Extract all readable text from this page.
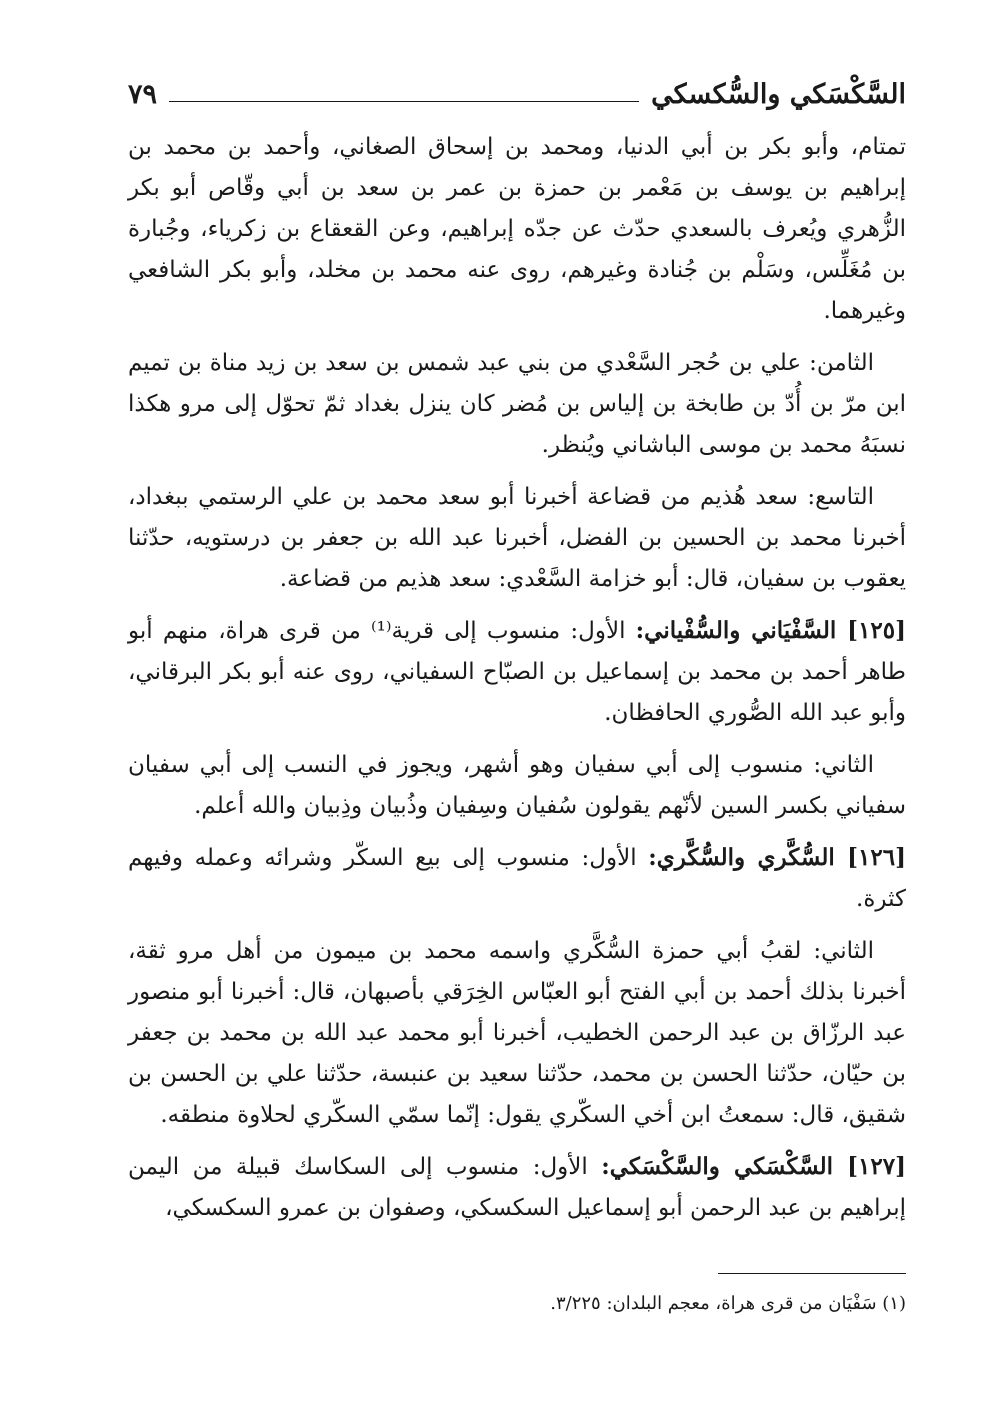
السَّكْسَكي والسُّكسكي
٧٩

تمتام، وأبو بكر بن أبي الدنيا، ومحمد بن إسحاق الصغاني، وأحمد بن محمد بن إبراهيم بن يوسف بن مَعْمر بن حمزة بن عمر بن سعد بن أبي وقّاص أبو بكر الزُّهري ويُعرف بالسعدي حدّث عن جدّه إبراهيم، وعن القعقاع بن زكرياء، وجُبارة بن مُغَلِّس، وسَلْم بن جُنادة وغيرهم، روى عنه محمد بن مخلد، وأبو بكر الشافعي وغيرهما.

الثامن: علي بن حُجر السَّعْدي من بني عبد شمس بن سعد بن زيد مناة بن تميم ابن مرّ بن أُدّ بن طابخة بن إلياس بن مُضر كان ينزل بغداد ثمّ تحوّل إلى مرو هكذا نسبَهُ محمد بن موسى الباشاني ويُنظر.

التاسع: سعد هُذيم من قضاعة أخبرنا أبو سعد محمد بن علي الرستمي ببغداد، أخبرنا محمد بن الحسين بن الفضل، أخبرنا عبد الله بن جعفر بن درستويه، حدّثنا يعقوب بن سفيان، قال: أبو خزامة السَّعْدي: سعد هذيم من قضاعة.

[١٢٥] السَّفْيَاني والسُّفْياني: الأول: منسوب إلى قرية⁽¹⁾ من قرى هراة، منهم أبو طاهر أحمد بن محمد بن إسماعيل بن الصبّاح السفياني، روى عنه أبو بكر البرقاني، وأبو عبد الله الصُّوري الحافظان.

الثاني: منسوب إلى أبي سفيان وهو أشهر، ويجوز في النسب إلى أبي سفيان سفياني بكسر السين لأنّهم يقولون سُفيان وسِفيان وذُبيان وذِبيان والله أعلم.

[١٢٦] السُّكَّري والسُّكَّري: الأول: منسوب إلى بيع السكّر وشرائه وعمله وفيهم كثرة.

الثاني: لقبُ أبي حمزة السُّكَّري واسمه محمد بن ميمون من أهل مرو ثقة، أخبرنا بذلك أحمد بن أبي الفتح أبو العبّاس الخِرَقي بأصبهان، قال: أخبرنا أبو منصور عبد الرزّاق بن عبد الرحمن الخطيب، أخبرنا أبو محمد عبد الله بن محمد بن جعفر بن حيّان، حدّثنا الحسن بن محمد، حدّثنا سعيد بن عنبسة، حدّثنا علي بن الحسن بن شقيق، قال: سمعتُ ابن أخي السكّري يقول: إنّما سمّي السكّري لحلاوة منطقه.

[١٢٧] السَّكْسَكي والسَّكْسَكي: الأول: منسوب إلى السكاسك قبيلة من اليمن إبراهيم بن عبد الرحمن أبو إسماعيل السكسكي، وصفوان بن عمرو السكسكي،

(١) سَفْيَان من قرى هراة، معجم البلدان: ٣/٢٢٥.
